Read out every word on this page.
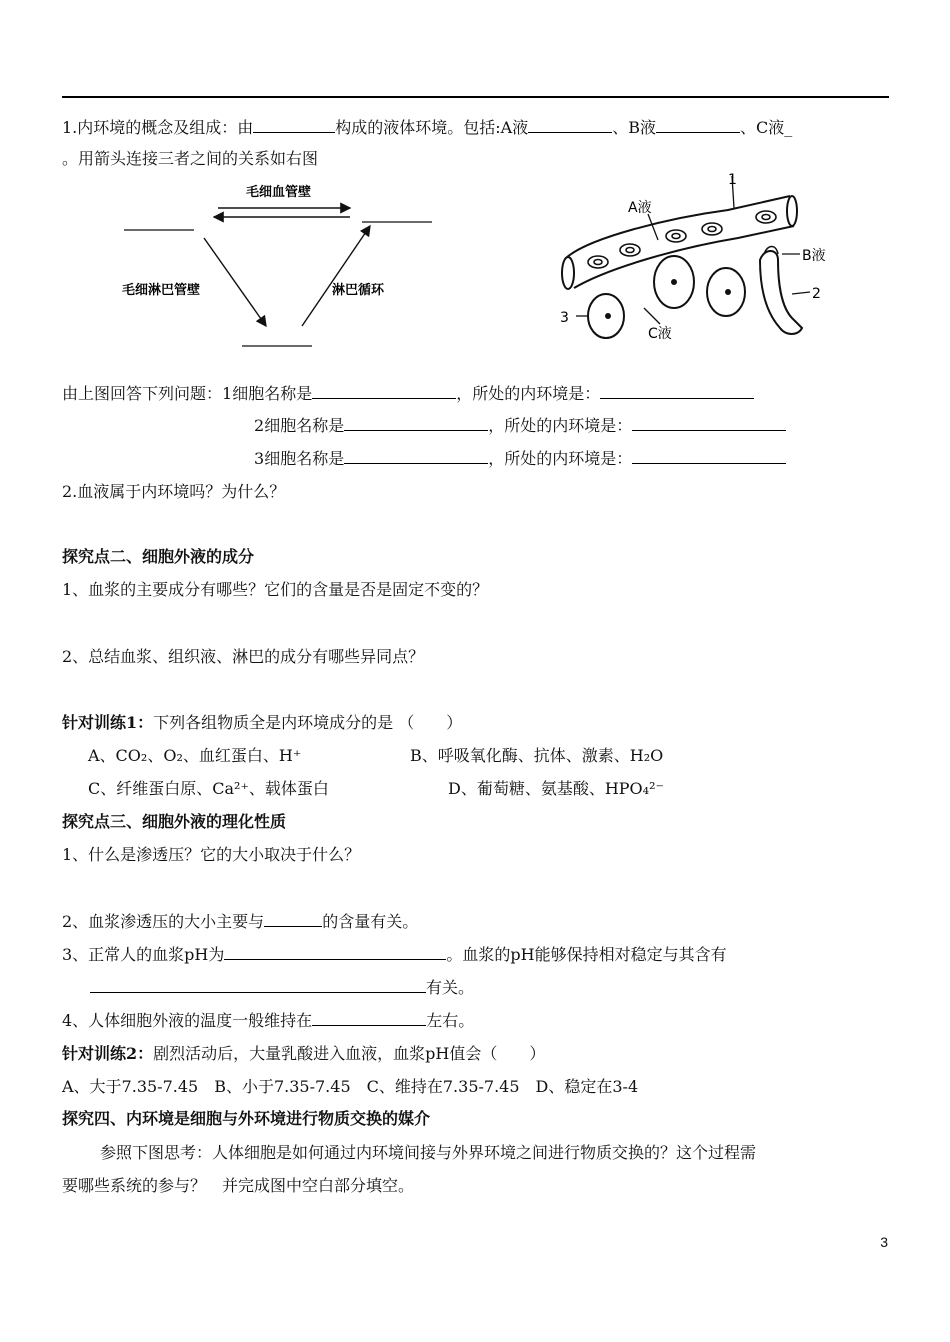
1.内环境的概念及组成：由	构成的液体环境。包括:A液	、B液	、C液_
。用箭头连接三者之间的关系如右图
毛细血管壁
毛细淋巴管壁	淋巴循环
A液
1
B液
2
3
C液
由上图回答下列问题：1细胞名称是	，所处的内环境是：
2细胞名称是	，所处的内环境是：
3细胞名称是	，所处的内环境是：
2.血液属于内环境吗？为什么？
探究点二、细胞外液的成分
1、血浆的主要成分有哪些？它们的含量是否是固定不变的？
2、总结血浆、组织液、淋巴的成分有哪些异同点？
针对训练1：下列各组物质全是内环境成分的是 （　　）
A、CO₂、O₂、血红蛋白、H⁺	B、呼吸氧化酶、抗体、激素、H₂O
C、纤维蛋白原、Ca²⁺、载体蛋白	D、葡萄糖、氨基酸、HPO₄²⁻
探究点三、细胞外液的理化性质
1、什么是渗透压？它的大小取决于什么？
2、血浆渗透压的大小主要与	的含量有关。
3、正常人的血浆pH为	。血浆的pH能够保持相对稳定与其含有
有关。
4、人体细胞外液的温度一般维持在	左右。
针对训练2：剧烈活动后，大量乳酸进入血液，血浆pH值会（　　）
A、大于7.35-7.45　B、小于7.35-7.45　C、维持在7.35-7.45　D、稳定在3-4
探究四、内环境是细胞与外环境进行物质交换的媒介
参照下图思考：人体细胞是如何通过内环境间接与外界环境之间进行物质交换的？这个过程需
要哪些系统的参与？　并完成图中空白部分填空。
3
